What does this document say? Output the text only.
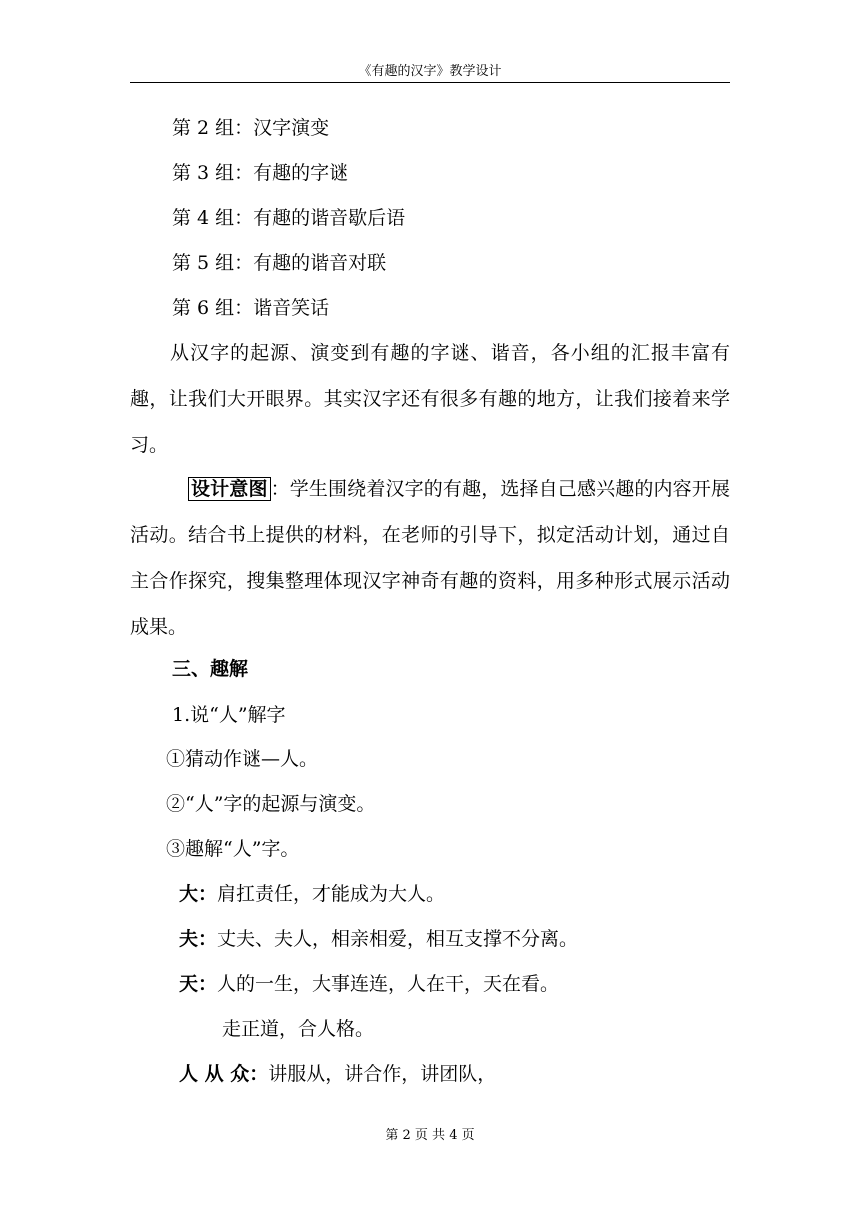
《有趣的汉字》教学设计
第 2 组：汉字演变
第 3 组：有趣的字谜
第 4 组：有趣的谐音歇后语
第 5 组：有趣的谐音对联
第 6 组：谐音笑话
从汉字的起源、演变到有趣的字谜、谐音，各小组的汇报丰富有趣，让我们大开眼界。其实汉字还有很多有趣的地方，让我们接着来学习。
设计意图 ：学生围绕着汉字的有趣，选择自己感兴趣的内容开展活动。结合书上提供的材料，在老师的引导下，拟定活动计划，通过自主合作探究，搜集整理体现汉字神奇有趣的资料，用多种形式展示活动成果。
三、趣解
1.说“人”解字
①猜动作谜—人。
②“人”字的起源与演变。
③趣解“人”字。
大：肩扛责任，才能成为大人。
夫：丈夫、夫人，相亲相爱，相互支撑不分离。
天：人的一生，大事连连，人在干，天在看。
走正道，合人格。
人 从 众：讲服从，讲合作，讲团队，
第 2 页 共 4 页
